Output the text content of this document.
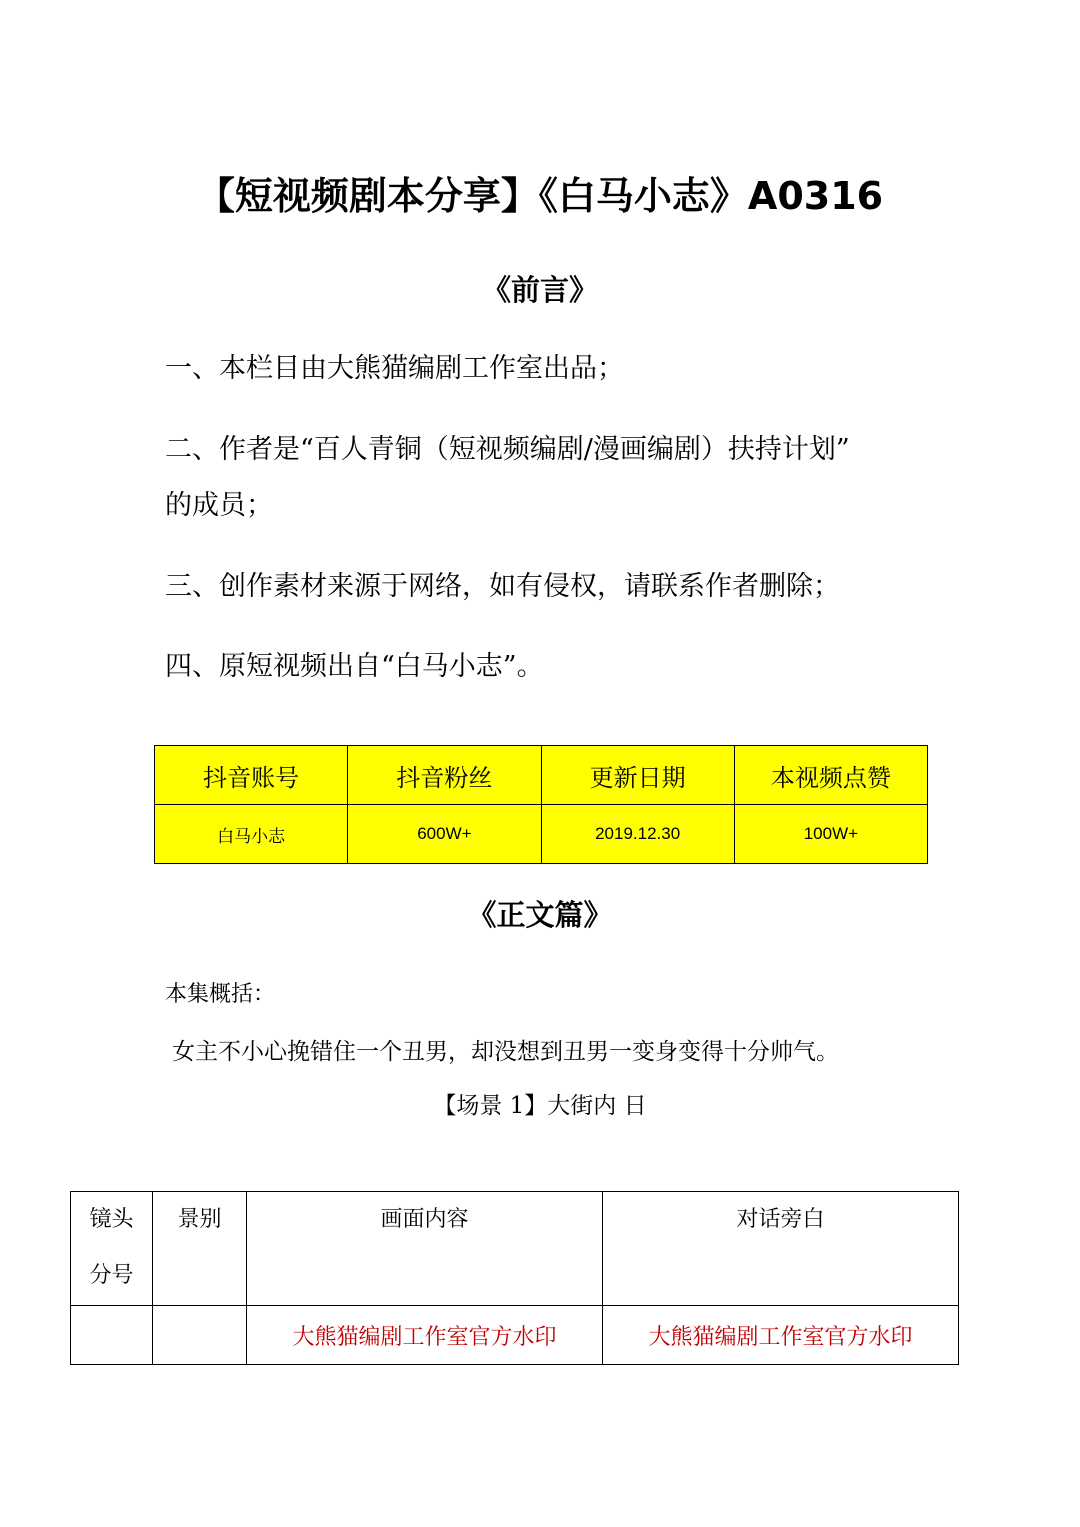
【短视频剧本分享】《白马小志》A0316
《前言》
一、本栏目由大熊猫编剧工作室出品；
二、作者是“百人青铜（短视频编剧/漫画编剧）扶持计划”
的成员；
三、创作素材来源于网络，如有侵权，请联系作者删除；
四、原短视频出自“白马小志”。
抖音账号	抖音粉丝	更新日期	本视频点赞
白马小志	600W+	2019.12.30	100W+
《正文篇》
本集概括：
女主不小心挽错住一个丑男，却没想到丑男一变身变得十分帅气。
【场景 1】大街内 日
镜头
分号	景别	画面内容	对话旁白
		大熊猫编剧工作室官方水印	大熊猫编剧工作室官方水印
